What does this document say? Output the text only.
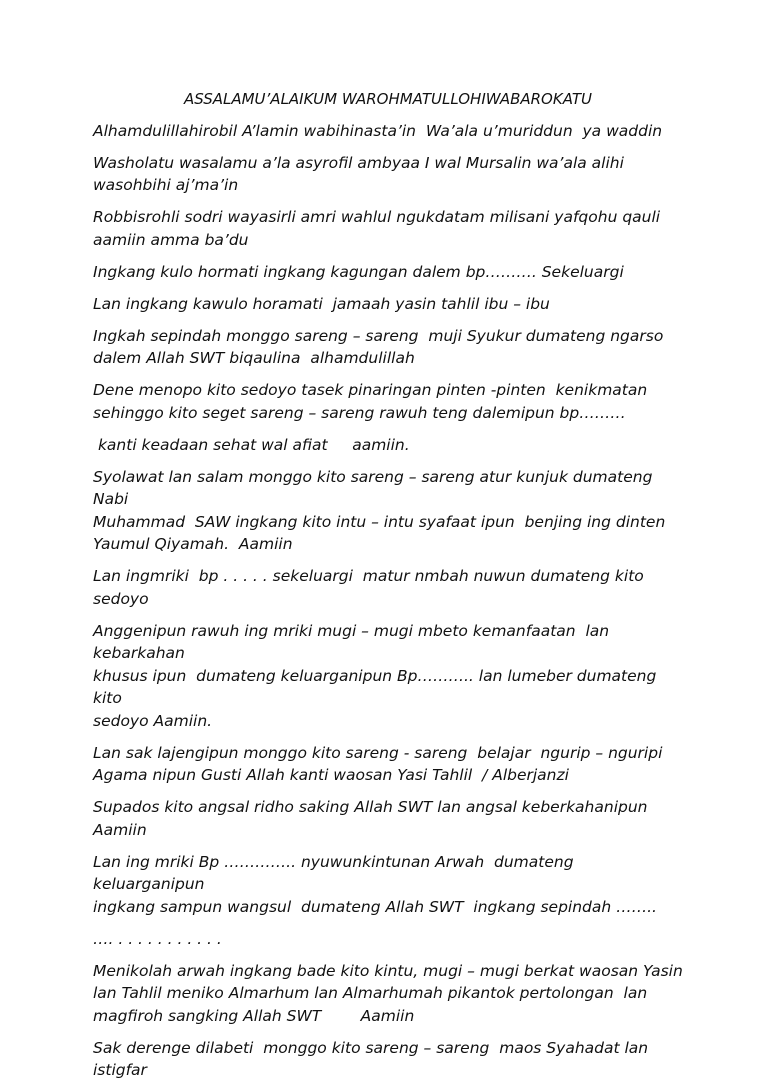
ASSALAMU’ALAIKUM WAROHMATULLOHIWABAROKATU

Alhamdulillahirobil A’lamin wabihinasta’in  Wa’ala u’muriddun  ya waddin

Washolatu wasalamu a’la asyrofil ambyaa I wal Mursalin wa’ala alihi
wasohbihi aj’ma’in

Robbisrohli sodri wayasirli amri wahlul ngukdatam milisani yafqohu qauli
aamiin amma ba’du

Ingkang kulo hormati ingkang kagungan dalem bp………. Sekeluargi

Lan ingkang kawulo horamati  jamaah yasin tahlil ibu – ibu

Ingkah sepindah monggo sareng – sareng  muji Syukur dumateng ngarso
dalem Allah SWT biqaulina  alhamdulillah

Dene menopo kito sedoyo tasek pinaringan pinten -pinten  kenikmatan
sehinggo kito seget sareng – sareng rawuh teng dalemipun bp………

kanti keadaan sehat wal afiat     aamiin.

Syolawat lan salam monggo kito sareng – sareng atur kunjuk dumateng Nabi
Muhammad  SAW ingkang kito intu – intu syafaat ipun  benjing ing dinten
Yaumul Qiyamah.  Aamiin

Lan ingmriki  bp . . . . . sekeluargi  matur nmbah nuwun dumateng kito sedoyo

Anggenipun rawuh ing mriki mugi – mugi mbeto kemanfaatan  lan kebarkahan
khusus ipun  dumateng keluarganipun Bp……….. lan lumeber dumateng  kito
sedoyo Aamiin.

Lan sak lajengipun monggo kito sareng - sareng  belajar  ngurip – nguripi
Agama nipun Gusti Allah kanti waosan Yasi Tahlil  / Alberjanzi

Supados kito angsal ridho saking Allah SWT lan angsal keberkahanipun Aamiin

Lan ing mriki Bp ………….. nyuwunkintunan Arwah  dumateng keluarganipun
ingkang sampun wangsul  dumateng Allah SWT  ingkang sepindah ……..

…. . . . . . . . . . . .

Menikolah arwah ingkang bade kito kintu, mugi – mugi berkat waosan Yasin
lan Tahlil meniko Almarhum lan Almarhumah pikantok pertolongan  lan
magfiroh sangking Allah SWT        Aamiin

Sak derenge dilabeti  monggo kito sareng – sareng  maos Syahadat lan istigfar
